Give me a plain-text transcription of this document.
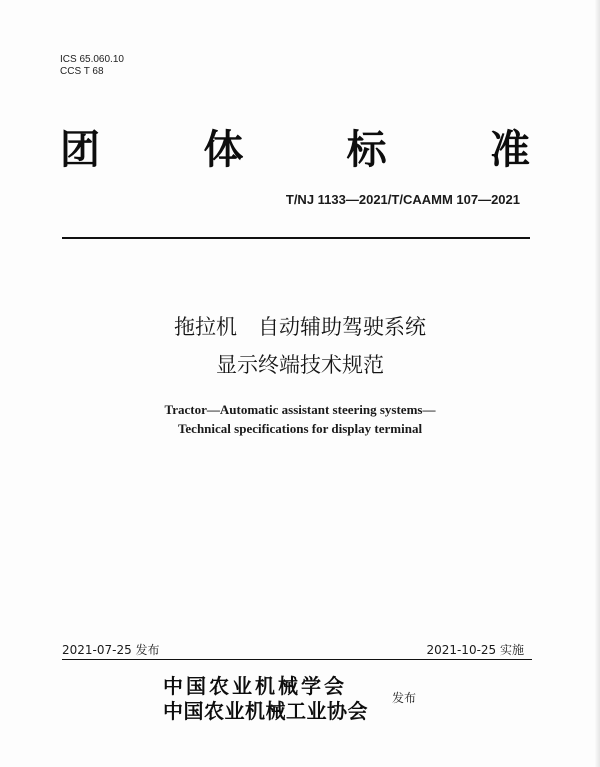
ICS 65.060.10
CCS T 68
团	体	标	准
T/NJ 1133—2021/T/CAAMM 107—2021
拖拉机　自动辅助驾驶系统
显示终端技术规范
Tractor—Automatic assistant steering systems—
Technical specifications for display terminal
2021-07-25 发布	2021-10-25 实施
中国农业机械学会
中国农业机械工业协会
发布
